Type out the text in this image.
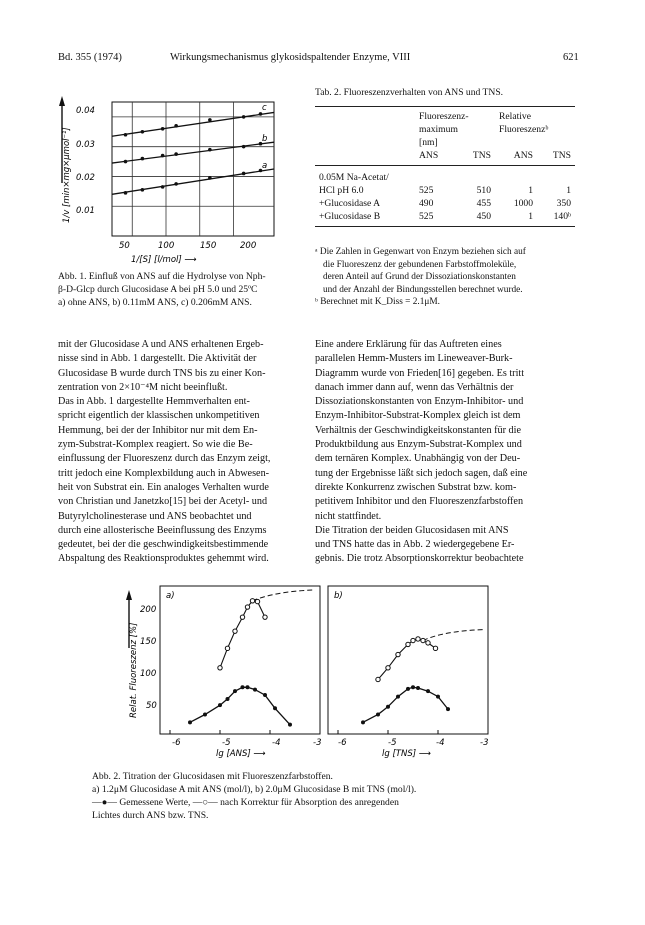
Bd. 355 (1974)	Wirkungsmechanismus glykosidspaltender Enzyme, VIII	621
1/v [min×mg×μmol⁻¹]
0.04
0.03
0.02
0.01
50	100	150	200
1/[S] [l/mol] ⟶
c
b
a
Abb. 1. Einfluß von ANS auf die Hydrolyse von Nph-
β-D-Glcp durch Glucosidase A bei pH 5.0 und 25ºC
a) ohne ANS, b) 0.11mM ANS, c) 0.206mM ANS.
Tab. 2. Fluoreszenzverhalten von ANS und TNS.
	Fluoreszenz-		Relative	
	maximum		Fluoreszenzᵇ	
	[nm]			
	ANS	TNS	ANS	TNS
0.05M Na-Acetat/				
HCl pH 6.0	525	510	1	1
+Glucosidase A	490	455	1000	350
+Glucosidase B	525	450	1	140ᵇ
ᵃ Die Zahlen in Gegenwart von Enzym beziehen sich auf
die Fluoreszenz der gebundenen Farbstoffmoleküle,
deren Anteil auf Grund der Dissoziationskonstanten
und der Anzahl der Bindungsstellen berechnet wurde.
ᵇ Berechnet mit K_Diss = 2.1μM.
mit der Glucosidase A und ANS erhaltenen Ergeb-
nisse sind in Abb. 1 dargestellt. Die Aktivität der
Glucosidase B wurde durch TNS bis zu einer Kon-
zentration von 2×10⁻⁴M nicht beeinflußt.
Das in Abb. 1 dargestellte Hemmverhalten ent-
spricht eigentlich der klassischen unkompetitiven
Hemmung, bei der der Inhibitor nur mit dem En-
zym-Substrat-Komplex reagiert. So wie die Be-
einflussung der Fluoreszenz durch das Enzym zeigt,
tritt jedoch eine Komplexbildung auch in Abwesen-
heit von Substrat ein. Ein analoges Verhalten wurde
von Christian und Janetzko[15] bei der Acetyl- und
Butyrylcholinesterase und ANS beobachtet und
durch eine allosterische Beeinflussung des Enzyms
gedeutet, bei der die geschwindigkeitsbestimmende
Abspaltung des Reaktionsproduktes gehemmt wird.
Eine andere Erklärung für das Auftreten eines
parallelen Hemm-Musters im Lineweaver-Burk-
Diagramm wurde von Frieden[16] gegeben. Es tritt
danach immer dann auf, wenn das Verhältnis der
Dissoziationskonstanten von Enzym-Inhibitor- und
Enzym-Inhibitor-Substrat-Komplex gleich ist dem
Verhältnis der Geschwindigkeitskonstanten für die
Produktbildung aus Enzym-Substrat-Komplex und
dem ternären Komplex. Unabhängig von der Deu-
tung der Ergebnisse läßt sich jedoch sagen, daß eine
direkte Konkurrenz zwischen Substrat bzw. kom-
petitivem Inhibitor und den Fluoreszenzfarbstoffen
nicht stattfindet.
Die Titration der beiden Glucosidasen mit ANS
und TNS hatte das in Abb. 2 wiedergegebene Er-
gebnis. Die trotz Absorptionskorrektur beobachtete
Relat. Fluoreszenz [%]
200
150
100
50
a)	b)
-6	-5	-4	-3 -6	-5	-4	-3
lg [ANS] ⟶	lg [TNS] ⟶
Abb. 2. Titration der Glucosidasen mit Fluoreszenzfarbstoffen.
a) 1.2μM Glucosidase A mit ANS (mol/l), b) 2.0μM Glucosidase B mit TNS (mol/l).
—●— Gemessene Werte, —○— nach Korrektur für Absorption des anregenden
Lichtes durch ANS bzw. TNS.
